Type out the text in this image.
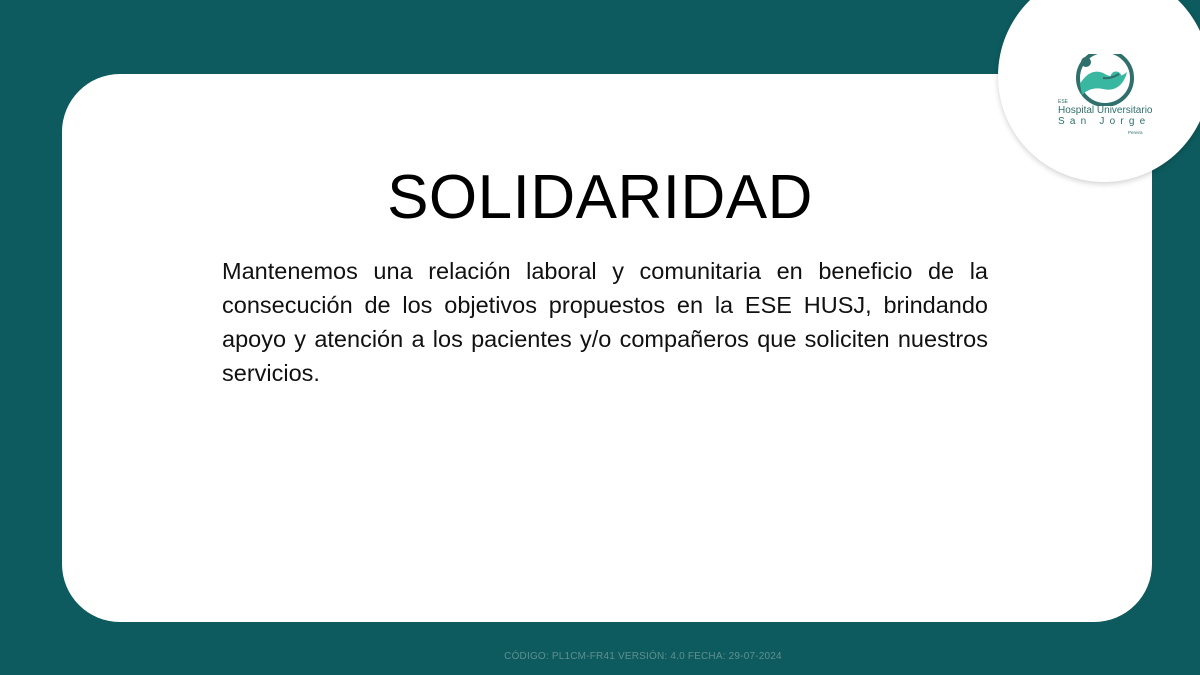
SOLIDARIDAD
Mantenemos una relación laboral y comunitaria en beneficio de la consecución de los objetivos propuestos en la ESE HUSJ, brindando apoyo y atención a los pacientes y/o compañeros que soliciten nuestros servicios.
ESE
Hospital Universitario
San Jorge
Pereira
CÓDIGO: PL1CM-FR41 VERSIÓN: 4.0 FECHA: 29-07-2024
